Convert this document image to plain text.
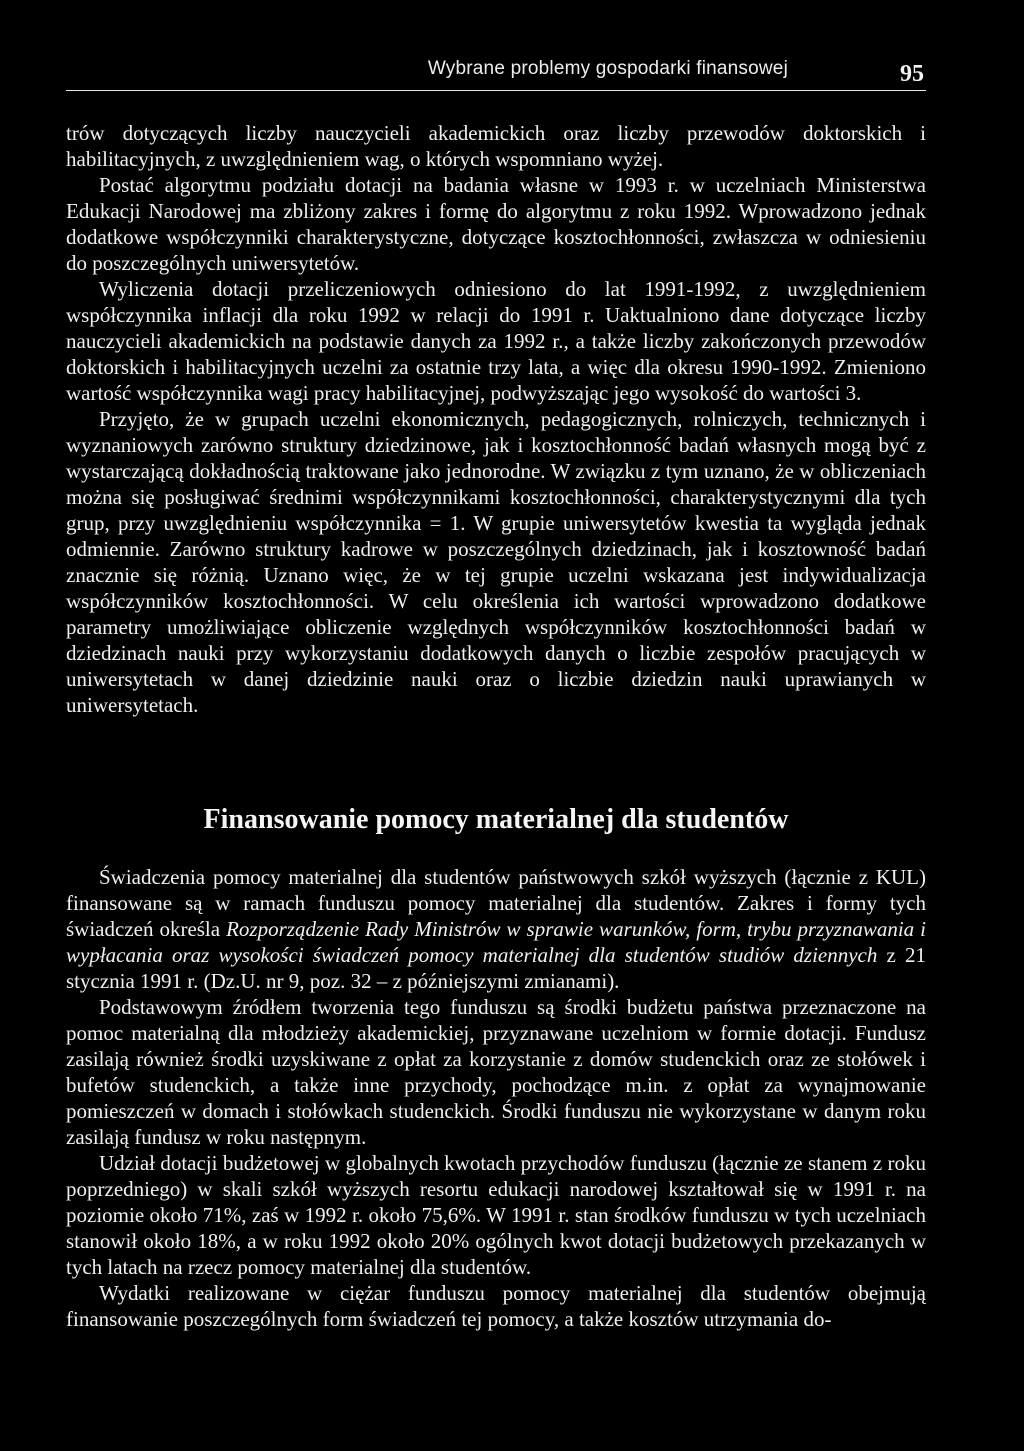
Wybrane problemy gospodarki finansowej	95

trów dotyczących liczby nauczycieli akademickich oraz liczby przewodów doktorskich i habilitacyjnych, z uwzględnieniem wag, o których wspomniano wyżej.

Postać algorytmu podziału dotacji na badania własne w 1993 r. w uczelniach Ministerstwa Edukacji Narodowej ma zbliżony zakres i formę do algorytmu z roku 1992. Wprowadzono jednak dodatkowe współczynniki charakterystyczne, dotyczące kosztochłonności, zwłaszcza w odniesieniu do poszczególnych uniwersytetów.

Wyliczenia dotacji przeliczeniowych odniesiono do lat 1991-1992, z uwzględnieniem współczynnika inflacji dla roku 1992 w relacji do 1991 r. Uaktualniono dane dotyczące liczby nauczycieli akademickich na podstawie danych za 1992 r., a także liczby zakończonych przewodów doktorskich i habilitacyjnych uczelni za ostatnie trzy lata, a więc dla okresu 1990-1992. Zmieniono wartość współczynnika wagi pracy habilitacyjnej, podwyższając jego wysokość do wartości 3.

Przyjęto, że w grupach uczelni ekonomicznych, pedagogicznych, rolniczych, technicznych i wyznaniowych zarówno struktury dziedzinowe, jak i kosztochłonność badań własnych mogą być z wystarczającą dokładnością traktowane jako jednorodne. W związku z tym uznano, że w obliczeniach można się posługiwać średnimi współczynnikami kosztochłonności, charakterystycznymi dla tych grup, przy uwzględnieniu współczynnika = 1. W grupie uniwersytetów kwestia ta wygląda jednak odmiennie. Zarówno struktury kadrowe w poszczególnych dziedzinach, jak i kosztowność badań znacznie się różnią. Uznano więc, że w tej grupie uczelni wskazana jest indywidualizacja współczynników kosztochłonności. W celu określenia ich wartości wprowadzono dodatkowe parametry umożliwiające obliczenie względnych współczynników kosztochłonności badań w dziedzinach nauki przy wykorzystaniu dodatkowych danych o liczbie zespołów pracujących w uniwersytetach w danej dziedzinie nauki oraz o liczbie dziedzin nauki uprawianych w uniwersytetach.

Finansowanie pomocy materialnej dla studentów

Świadczenia pomocy materialnej dla studentów państwowych szkół wyższych (łącznie z KUL) finansowane są w ramach funduszu pomocy materialnej dla studentów. Zakres i formy tych świadczeń określa Rozporządzenie Rady Ministrów w sprawie warunków, form, trybu przyznawania i wypłacania oraz wysokości świadczeń pomocy materialnej dla studentów studiów dziennych z 21 stycznia 1991 r. (Dz.U. nr 9, poz. 32 – z późniejszymi zmianami).

Podstawowym źródłem tworzenia tego funduszu są środki budżetu państwa przeznaczone na pomoc materialną dla młodzieży akademickiej, przyznawane uczelniom w formie dotacji. Fundusz zasilają również środki uzyskiwane z opłat za korzystanie z domów studenckich oraz ze stołówek i bufetów studenckich, a także inne przychody, pochodzące m.in. z opłat za wynajmowanie pomieszczeń w domach i stołówkach studenckich. Środki funduszu nie wykorzystane w danym roku zasilają fundusz w roku następnym.

Udział dotacji budżetowej w globalnych kwotach przychodów funduszu (łącznie ze stanem z roku poprzedniego) w skali szkół wyższych resortu edukacji narodowej kształtował się w 1991 r. na poziomie około 71%, zaś w 1992 r. około 75,6%. W 1991 r. stan środków funduszu w tych uczelniach stanowił około 18%, a w roku 1992 około 20% ogólnych kwot dotacji budżetowych przekazanych w tych latach na rzecz pomocy materialnej dla studentów.

Wydatki realizowane w ciężar funduszu pomocy materialnej dla studentów obejmują finansowanie poszczególnych form świadczeń tej pomocy, a także kosztów utrzymania do-
